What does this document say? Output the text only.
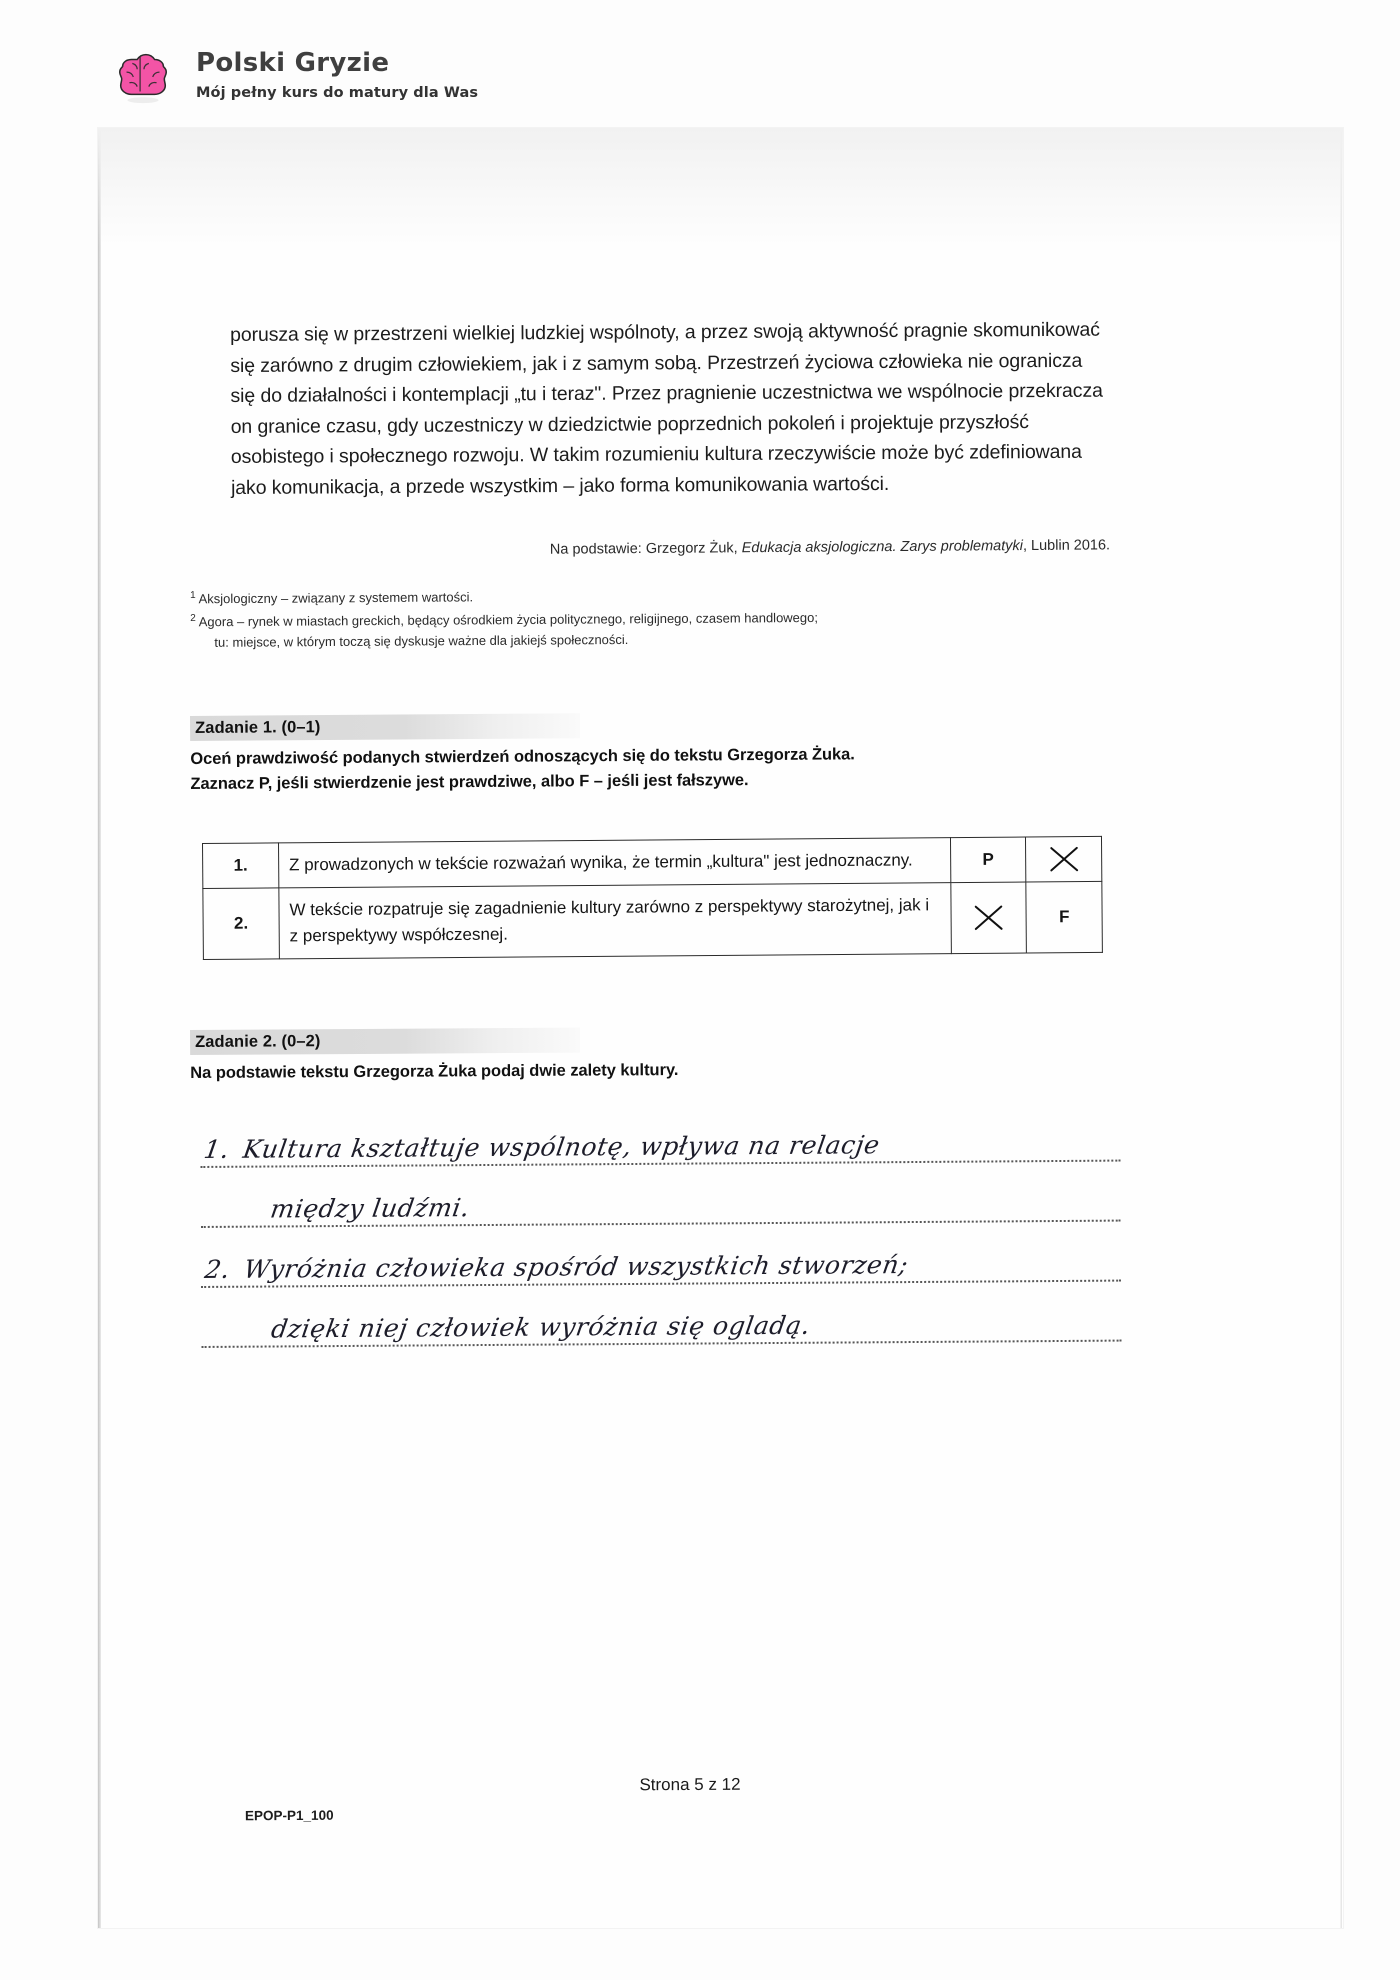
Polski Gryzie
Mój pełny kurs do matury dla Was
porusza się w przestrzeni wielkiej ludzkiej wspólnoty, a przez swoją aktywność pragnie skomunikować się zarówno z drugim człowiekiem, jak i z samym sobą. Przestrzeń życiowa człowieka nie ogranicza się do działalności i kontemplacji „tu i teraz". Przez pragnienie uczestnictwa we wspólnocie przekracza on granice czasu, gdy uczestniczy w dziedzictwie poprzednich pokoleń i projektuje przyszłość osobistego i społecznego rozwoju. W takim rozumieniu kultura rzeczywiście może być zdefiniowana jako komunikacja, a przede wszystkim – jako forma komunikowania wartości.
Na podstawie: Grzegorz Żuk, Edukacja aksjologiczna. Zarys problematyki, Lublin 2016.
$^1$ Aksjologiczny – związany z systemem wartości.
$^2$ Agora – rynek w miastach greckich, będący ośrodkiem życia politycznego, religijnego, czasem handlowego;
tu: miejsce, w którym toczą się dyskusje ważne dla jakiejś społeczności.
Zadanie 1. (0–1)
Oceń prawdziwość podanych stwierdzeń odnoszących się do tekstu Grzegorza Żuka.
Zaznacz P, jeśli stwierdzenie jest prawdziwe, albo F – jeśli jest fałszywe.
1.	Z prowadzonych w tekście rozważań wynika, że termin „kultura" jest jednoznaczny.	P	

2.	W tekście rozpatruje się zagadnienie kultury zarówno z perspektywy starożytnej, jak i z perspektywy współczesnej.		F
Zadanie 2. (0–2)
Na podstawie tekstu Grzegorza Żuka podaj dwie zalety kultury.
1. Kultura kształtuje wspólnotę, wpływa na relacje
między ludźmi.
2. Wyróżnia człowieka spośród wszystkich stworzeń;
dzięki niej człowiek wyróżnia się ogladą.
Strona 5 z 12
EPOP-P1_100
